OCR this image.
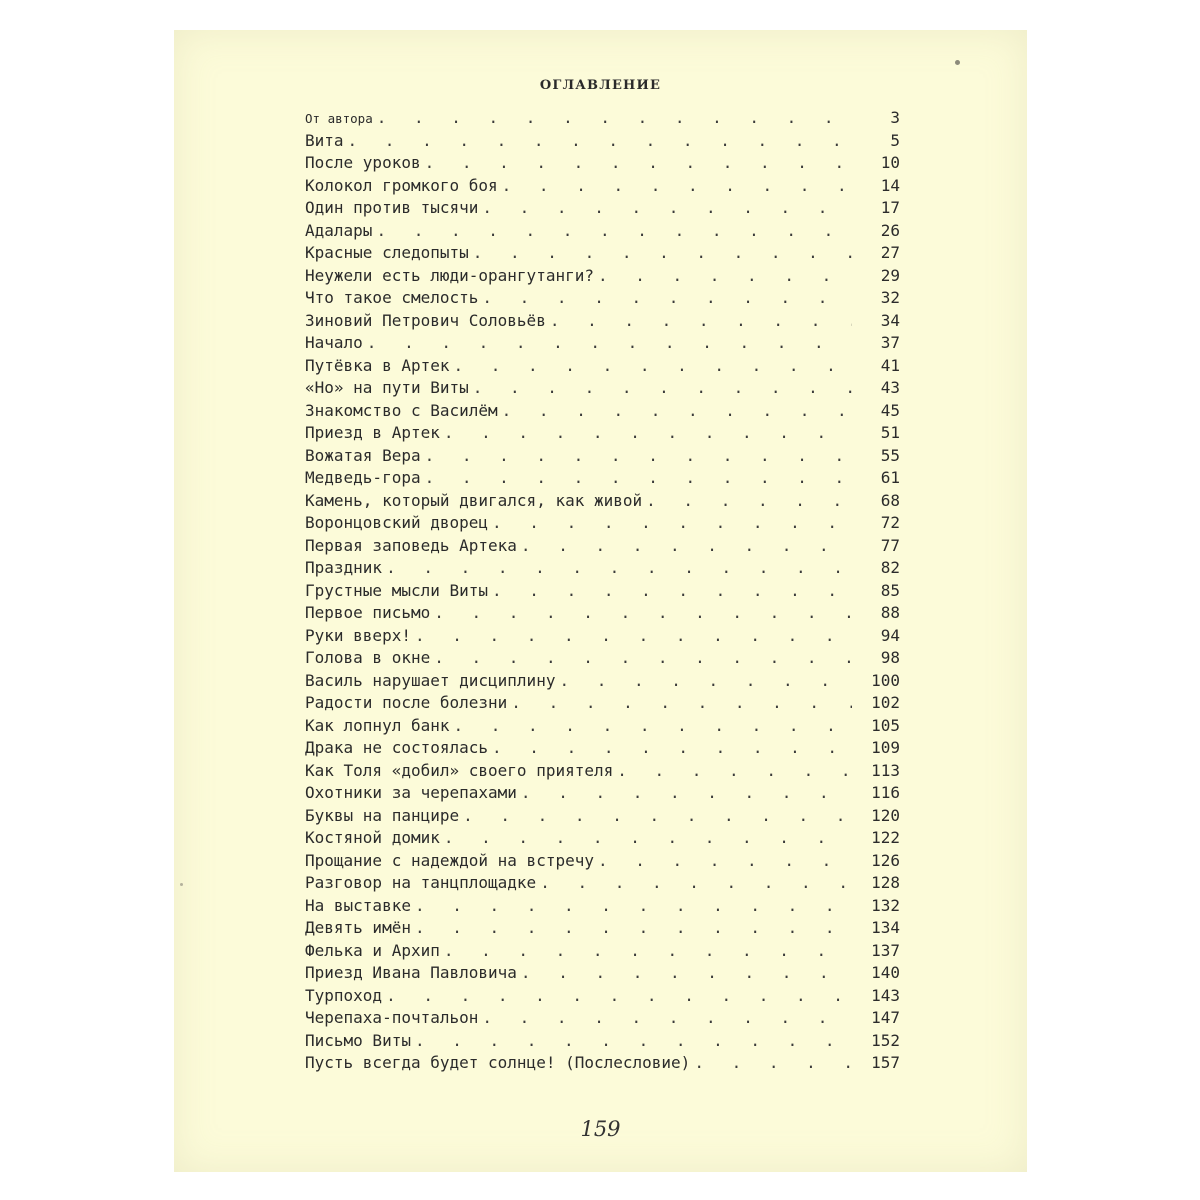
ОГЛАВЛЕНИЕ
От автора . . .	3
Вита . . .	5
После уроков . . .	10
Колокол громкого боя . . .	14
Один против тысячи . . .	17
Адалары . . .	26
Красные следопыты . . .	27
Неужели есть люди-орангутанги? . . .	29
Что такое смелость . . .	32
Зиновий Петрович Соловьёв . . .	34
Начало . . .	37
Путёвка в Артек . . .	41
«Но» на пути Виты . . .	43
Знакомство с Василём . . .	45
Приезд в Артек . . .	51
Вожатая Вера . . .	55
Медведь-гора . . .	61
Камень, который двигался, как живой . . .	68
Воронцовский дворец . . .	72
Первая заповедь Артека . . .	77
Праздник . . .	82
Грустные мысли Виты . . .	85
Первое письмо . . .	88
Руки вверх! . . .	94
Голова в окне . . .	98
Василь нарушает дисциплину . . .	100
Радости после болезни . . .	102
Как лопнул банк . . .	105
Драка не состоялась . . .	109
Как Толя «добил» своего приятеля . . .	113
Охотники за черепахами . . .	116
Буквы на панцире . . .	120
Костяной домик . . .	122
Прощание с надеждой на встречу . . .	126
Разговор на танцплощадке . . .	128
На выставке . . .	132
Девять имён . . .	134
Фелька и Архип . . .	137
Приезд Ивана Павловича . . .	140
Турпоход . . .	143
Черепаха-почтальон . . .	147
Письмо Виты . . .	152
Пусть всегда будет солнце! (Послесловие) . . .	157
159
